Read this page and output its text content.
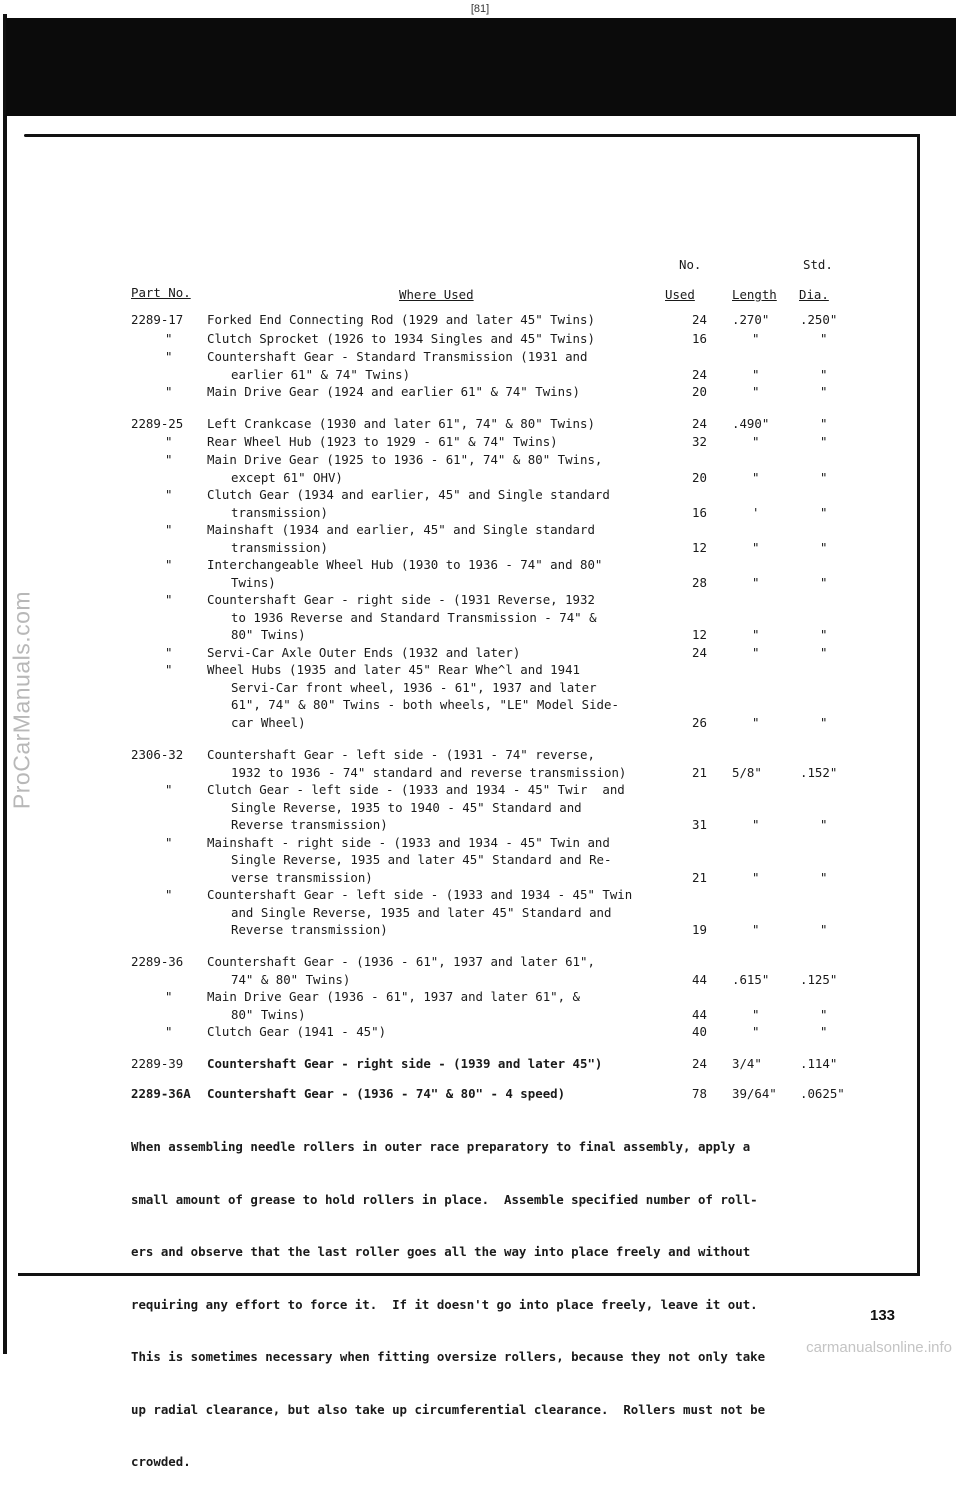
[81]
ProCarManuals.com
No.	Std.
Part No.	Where Used	Used	Length Dia.
2289-17 Forked End Connecting Rod (1929 and later 45" Twins)	24 .270" .250"
"	Clutch Sprocket (1926 to 1934 Singles and 45" Twins)	16	"	"
"	Countershaft Gear - Standard Transmission (1931 and
earlier 61" & 74" Twins)	24	"	"
"	Main Drive Gear (1924 and earlier 61" & 74" Twins)	20	"	"
2289-25 Left Crankcase (1930 and later 61", 74" & 80" Twins)	24 .490"	"
"	Rear Wheel Hub (1923 to 1929 - 61" & 74" Twins)	32	"	"
"	Main Drive Gear (1925 to 1936 - 61", 74" & 80" Twins,
except 61" OHV)	20	"	"
"	Clutch Gear (1934 and earlier, 45" and Single standard
transmission)	16	'	"
"	Mainshaft (1934 and earlier, 45" and Single standard
transmission)	12	"	"
"	Interchangeable Wheel Hub (1930 to 1936 - 74" and 80"
Twins)	28	"	"
"	Countershaft Gear - right side - (1931 Reverse, 1932
to 1936 Reverse and Standard Transmission - 74" &
80" Twins)	12	"	"
"	Servi-Car Axle Outer Ends (1932 and later)	24	"	"
"	Wheel Hubs (1935 and later 45" Rear Whe^l and 1941
Servi-Car front wheel, 1936 - 61", 1937 and later
61", 74" & 80" Twins - both wheels, "LE" Model Side-
car Wheel)	26	"	"
2306-32 Countershaft Gear - left side - (1931 - 74" reverse,
1932 to 1936 - 74" standard and reverse transmission)	21 5/8"	.152"
"	Clutch Gear - left side - (1933 and 1934 - 45" Twir  and
Single Reverse, 1935 to 1940 - 45" Standard and
Reverse transmission)	31	"	"
"	Mainshaft - right side - (1933 and 1934 - 45" Twin and
Single Reverse, 1935 and later 45" Standard and Re-
verse transmission)	21	"	"
"	Countershaft Gear - left side - (1933 and 1934 - 45" Twin
and Single Reverse, 1935 and later 45" Standard and
Reverse transmission)	19	"	"
2289-36 Countershaft Gear - (1936 - 61", 1937 and later 61",
74" & 80" Twins)	44 .615" .125"
"	Main Drive Gear (1936 - 61", 1937 and later 61", &
80" Twins)	44	"	"
"	Clutch Gear (1941 - 45")	40	"	"
2289-39 Countershaft Gear - right side - (1939 and later 45")	24 3/4"	.114"
2289-36A Countershaft Gear - (1936 - 74" & 80" - 4 speed)	78 39/64" .0625"

When assembling needle rollers in outer race preparatory to final assembly, apply a

small amount of grease to hold rollers in place.  Assemble specified number of roll-

ers and observe that the last roller goes all the way into place freely and without

requiring any effort to force it.  If it doesn't go into place freely, leave it out.

This is sometimes necessary when fitting oversize rollers, because they not only take

up radial clearance, but also take up circumferential clearance.  Rollers must not be

crowded.

133
carmanualsonline.info
